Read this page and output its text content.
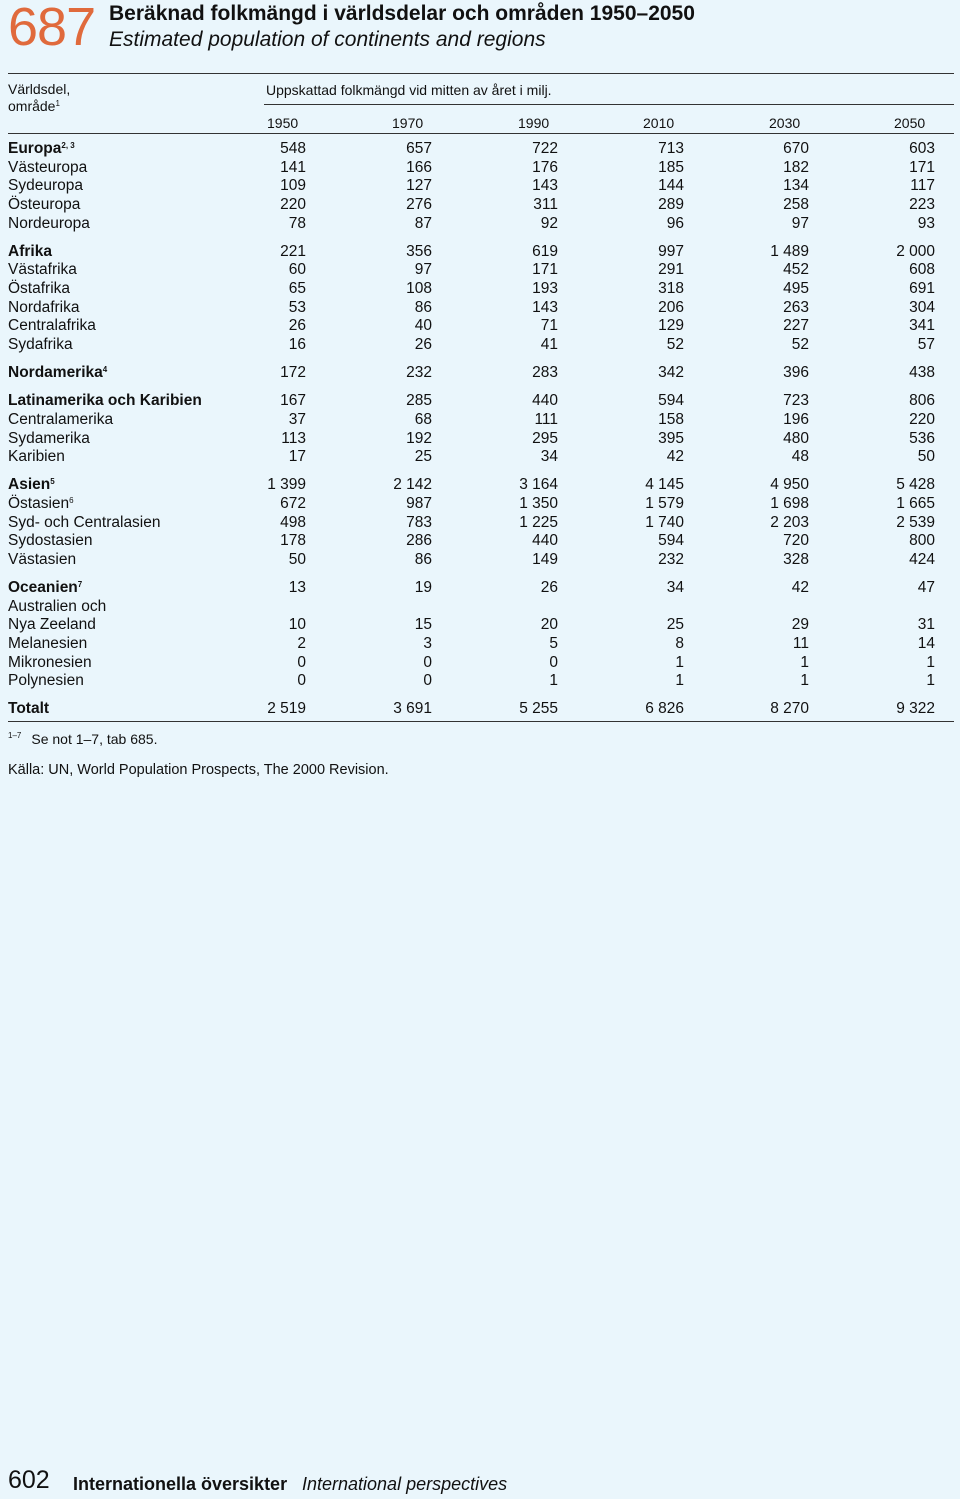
687 Beräknad folkmängd i världsdelar och områden 1950–2050
Estimated population of continents and regions
Världsdel,
område$^1$
Uppskattad folkmängd vid mitten av året i milj.
1950	1970	1990	2010	2030	2050
Europa$^{2, 3}$	548	657	722	713	670	603
Västeuropa	141	166	176	185	182	171
Sydeuropa	109	127	143	144	134	117
Östeuropa	220	276	311	289	258	223
Nordeuropa	78	87	92	96	97	93
Afrika	221	356	619	997	1 489	2 000
Västafrika	60	97	171	291	452	608
Östafrika	65	108	193	318	495	691
Nordafrika	53	86	143	206	263	304
Centralafrika	26	40	71	129	227	341
Sydafrika	16	26	41	52	52	57
Nordamerika$^4$	172	232	283	342	396	438
Latinamerika och Karibien	167	285	440	594	723	806
Centralamerika	37	68	111	158	196	220
Sydamerika	113	192	295	395	480	536
Karibien	17	25	34	42	48	50
Asien$^5$	1 399	2 142	3 164	4 145	4 950	5 428
Östasien$^6$	672	987	1 350	1 579	1 698	1 665
Syd- och Centralasien	498	783	1 225	1 740	2 203	2 539
Sydostasien	178	286	440	594	720	800
Västasien	50	86	149	232	328	424
Oceanien$^7$	13	19	26	34	42	47
Australien och
Nya Zeeland	10	15	20	25	29	31
Melanesien	2	3	5	8	11	14
Mikronesien	0	0	0	1	1	1
Polynesien	0	0	1	1	1	1
Totalt	2 519	3 691	5 255	6 826	8 270	9 322
$^{1-7}$ Se not 1–7, tab 685.
Källa: UN, World Population Prospects, The 2000 Revision.
602 Internationella översikter International perspectives
